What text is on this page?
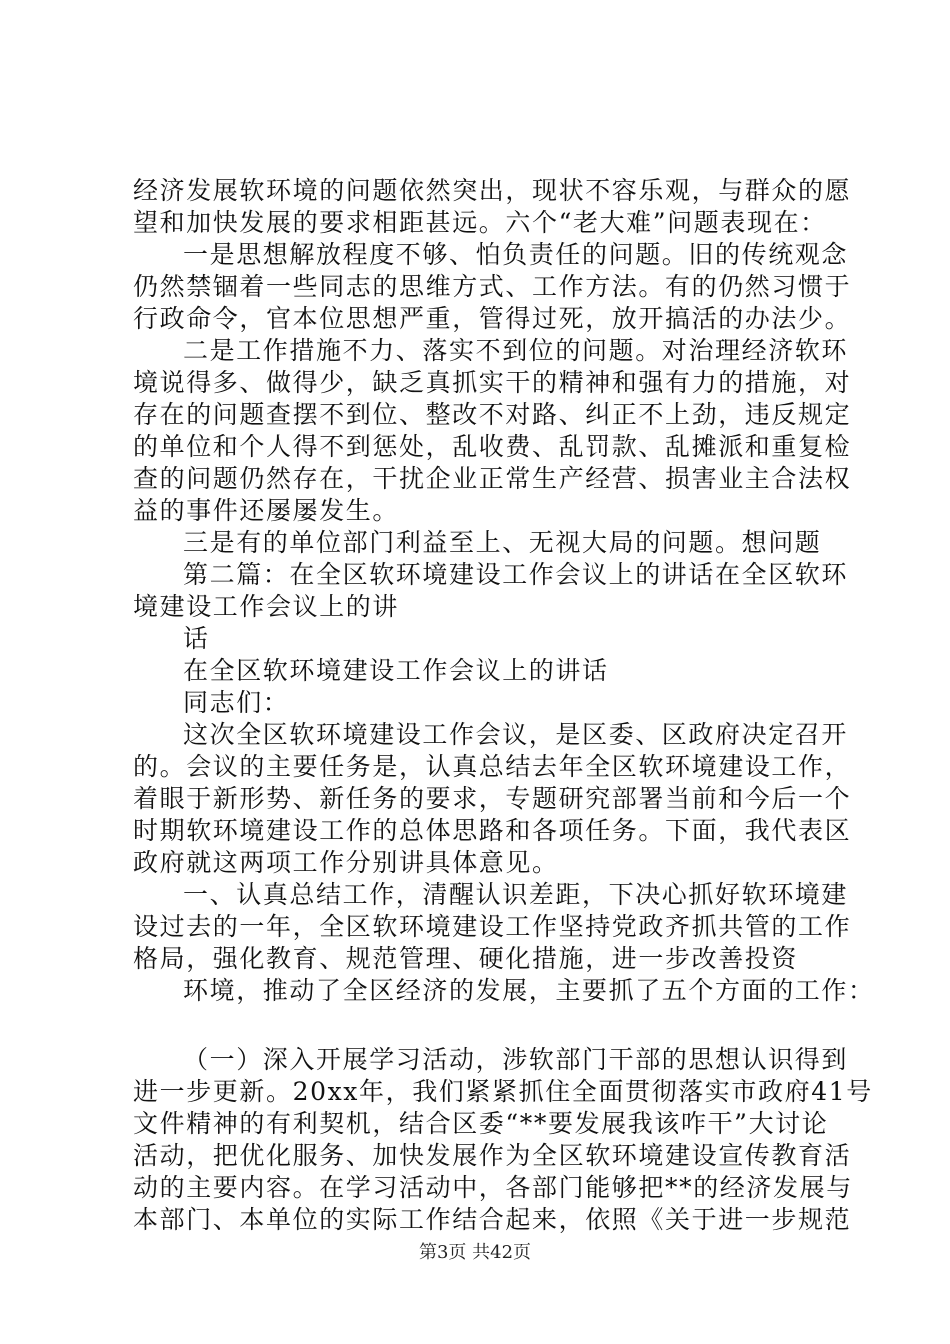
经济发展软环境的问题依然突出，现状不容乐观，与群众的愿
望和加快发展的要求相距甚远。六个“老大难”问题表现在：
一是思想解放程度不够、怕负责任的问题。旧的传统观念
仍然禁锢着一些同志的思维方式、工作方法。有的仍然习惯于
行政命令，官本位思想严重，管得过死，放开搞活的办法少。
二是工作措施不力、落实不到位的问题。对治理经济软环
境说得多、做得少，缺乏真抓实干的精神和强有力的措施，对
存在的问题查摆不到位、整改不对路、纠正不上劲，违反规定
的单位和个人得不到惩处，乱收费、乱罚款、乱摊派和重复检
查的问题仍然存在，干扰企业正常生产经营、损害业主合法权
益的事件还屡屡发生。
三是有的单位部门利益至上、无视大局的问题。想问题
第二篇：在全区软环境建设工作会议上的讲话在全区软环
境建设工作会议上的讲
话
在全区软环境建设工作会议上的讲话
同志们：
这次全区软环境建设工作会议，是区委、区政府决定召开
的。会议的主要任务是，认真总结去年全区软环境建设工作，
着眼于新形势、新任务的要求，专题研究部署当前和今后一个
时期软环境建设工作的总体思路和各项任务。下面，我代表区
政府就这两项工作分别讲具体意见。
一、认真总结工作，清醒认识差距，下决心抓好软环境建
设过去的一年，全区软环境建设工作坚持党政齐抓共管的工作
格局，强化教育、规范管理、硬化措施，进一步改善投资
环境，推动了全区经济的发展，主要抓了五个方面的工作：
（一）深入开展学习活动，涉软部门干部的思想认识得到
进一步更新。20xx年，我们紧紧抓住全面贯彻落实市政府41号
文件精神的有利契机，结合区委“**要发展我该咋干”大讨论
活动，把优化服务、加快发展作为全区软环境建设宣传教育活
动的主要内容。在学习活动中，各部门能够把**的经济发展与
本部门、本单位的实际工作结合起来，依照《关于进一步规范
第3页 共42页
